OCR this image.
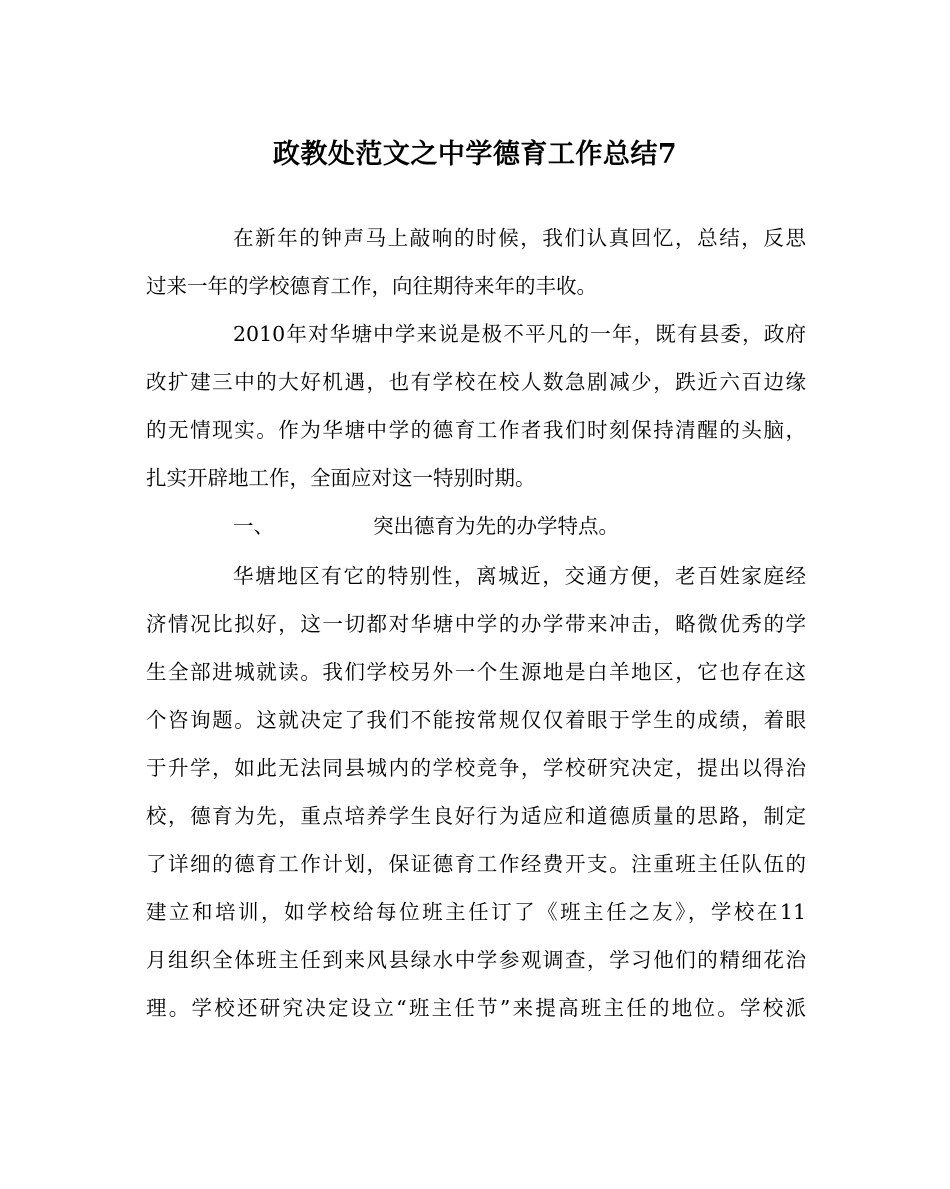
政教处范文之中学德育工作总结7
在新年的钟声马上敲响的时候，我们认真回忆，总结，反思
过来一年的学校德育工作，向往期待来年的丰收。
2010年对华塘中学来说是极不平凡的一年，既有县委，政府
改扩建三中的大好机遇，也有学校在校人数急剧减少，跌近六百边缘
的无情现实。作为华塘中学的德育工作者我们时刻保持清醒的头脑，
扎实开辟地工作，全面应对这一特别时期。
一、	突出德育为先的办学特点。
华塘地区有它的特别性，离城近，交通方便，老百姓家庭经
济情况比拟好，这一切都对华塘中学的办学带来冲击，略微优秀的学
生全部进城就读。我们学校另外一个生源地是白羊地区，它也存在这
个咨询题。这就决定了我们不能按常规仅仅着眼于学生的成绩，着眼
于升学，如此无法同县城内的学校竞争，学校研究决定，提出以得治
校，德育为先，重点培养学生良好行为适应和道德质量的思路，制定
了详细的德育工作计划，保证德育工作经费开支。注重班主任队伍的
建立和培训，如学校给每位班主任订了《班主任之友》，学校在11
月组织全体班主任到来风县绿水中学参观调查，学习他们的精细花治
理。学校还研究决定设立“班主任节”来提高班主任的地位。学校派
